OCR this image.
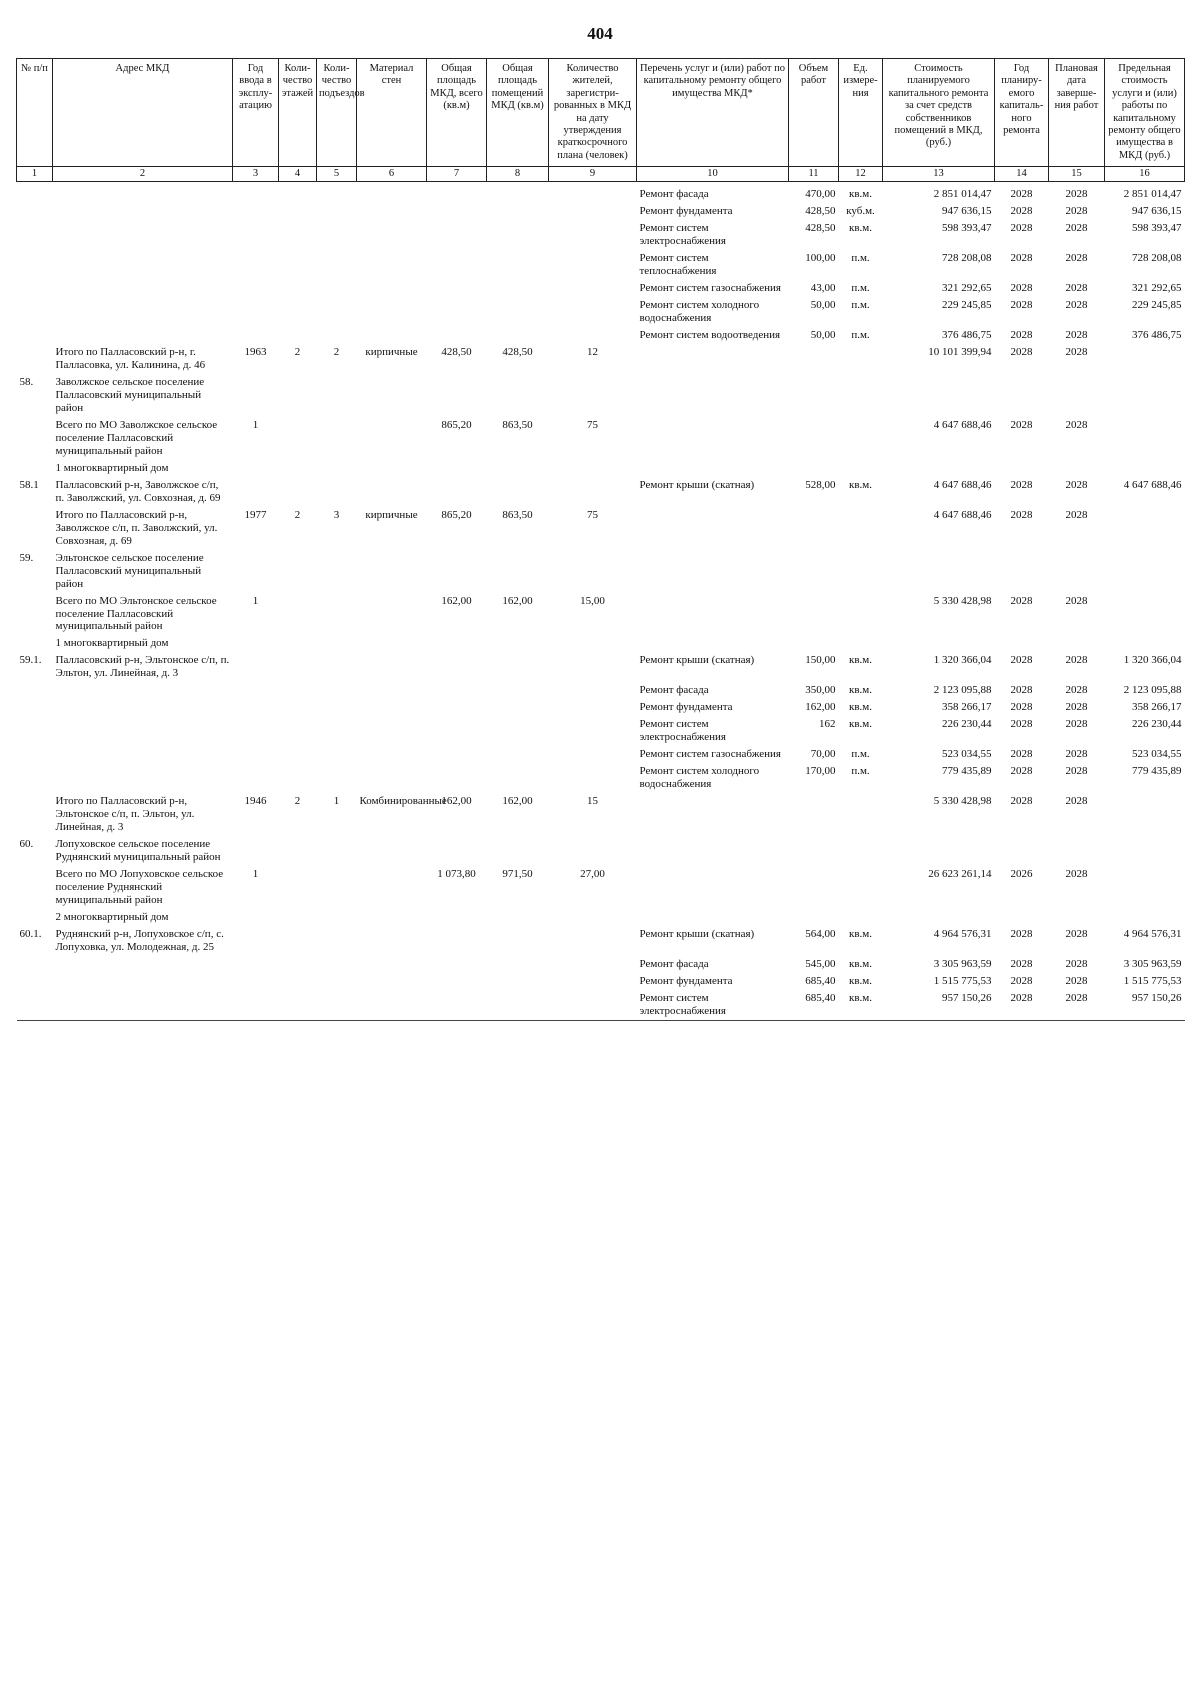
404
№ п/п	Адрес МКД	Год ввода в эксплу-атацию	Коли-чество этажей	Коли-чество подъездов	Материал стен	Общая площадь МКД, всего (кв.м)	Общая площадь помещений МКД (кв.м)	Количество жителей, зарегистри-рованных в МКД на дату утверждения краткосрочного плана (человек)	Перечень услуг и (или) работ по капитальному ремонту общего имущества МКД*	Объем работ	Ед. измере-ния	Стоимость планируемого капитального ремонта за счет средств собственников помещений в МКД, (руб.)	Год планиру-емого капиталь-ного ремонта	Плановая дата заверше-ния работ	Предельная стоимость услуги и (или) работы по капитальному ремонту общего имущества в МКД (руб.)
1	2	3	4	5	6	7	8	9	10	11	12	13	14	15	16
									Ремонт фасада	470,00	кв.м.	2 851 014,47	2028	2028	2 851 014,47
									Ремонт фундамента	428,50	куб.м.	947 636,15	2028	2028	947 636,15
									Ремонт систем электроснабжения	428,50	кв.м.	598 393,47	2028	2028	598 393,47
									Ремонт систем теплоснабжения	100,00	п.м.	728 208,08	2028	2028	728 208,08
									Ремонт систем газоснабжения	43,00	п.м.	321 292,65	2028	2028	321 292,65
									Ремонт систем холодного водоснабжения	50,00	п.м.	229 245,85	2028	2028	229 245,85
									Ремонт систем водоотведения	50,00	п.м.	376 486,75	2028	2028	376 486,75
	Итого по Палласовский р-н, г. Палласовка, ул. Калинина, д. 46	1963	2	2	кирпичные	428,50	428,50	12				10 101 399,94	2028	2028	
58.	Заволжское сельское поселение Палласовский муниципальный район														
	Всего по МО Заволжское сельское поселение Палласовский муниципальный район	1				865,20	863,50	75				4 647 688,46	2028	2028	
	1 многоквартирный дом														
58.1	Палласовский р-н, Заволжское с/п, п. Заволжский, ул. Совхозная, д. 69								Ремонт крыши (скатная)	528,00	кв.м.	4 647 688,46	2028	2028	4 647 688,46
	Итого по Палласовский р-н, Заволжское с/п, п. Заволжский, ул. Совхозная, д. 69	1977	2	3	кирпичные	865,20	863,50	75				4 647 688,46	2028	2028	
59.	Эльтонское сельское поселение Палласовский муниципальный район														
	Всего по МО Эльтонское сельское поселение Палласовский муниципальный район	1				162,00	162,00	15,00				5 330 428,98	2028	2028	
	1 многоквартирный дом														
59.1.	Палласовский р-н, Эльтонское с/п, п. Эльтон, ул. Линейная, д. 3								Ремонт крыши (скатная)	150,00	кв.м.	1 320 366,04	2028	2028	1 320 366,04
									Ремонт фасада	350,00	кв.м.	2 123 095,88	2028	2028	2 123 095,88
									Ремонт фундамента	162,00	кв.м.	358 266,17	2028	2028	358 266,17
									Ремонт систем электроснабжения	162	кв.м.	226 230,44	2028	2028	226 230,44
									Ремонт систем газоснабжения	70,00	п.м.	523 034,55	2028	2028	523 034,55
									Ремонт систем холодного водоснабжения	170,00	п.м.	779 435,89	2028	2028	779 435,89
	Итого по Палласовский р-н, Эльтонское с/п, п. Эльтон, ул. Линейная, д. 3	1946	2	1	Комбинированные	162,00	162,00	15				5 330 428,98	2028	2028	
60.	Лопуховское сельское поселение Руднянский муниципальный район														
	Всего по МО Лопуховское сельское поселение Руднянский муниципальный район	1				1 073,80	971,50	27,00				26 623 261,14	2026	2028	
	2 многоквартирный дом														
60.1.	Руднянский р-н, Лопуховское с/п, с. Лопуховка, ул. Молодежная, д. 25								Ремонт крыши (скатная)	564,00	кв.м.	4 964 576,31	2028	2028	4 964 576,31
									Ремонт фасада	545,00	кв.м.	3 305 963,59	2028	2028	3 305 963,59
									Ремонт фундамента	685,40	кв.м.	1 515 775,53	2028	2028	1 515 775,53
									Ремонт систем электроснабжения	685,40	кв.м.	957 150,26	2028	2028	957 150,26
